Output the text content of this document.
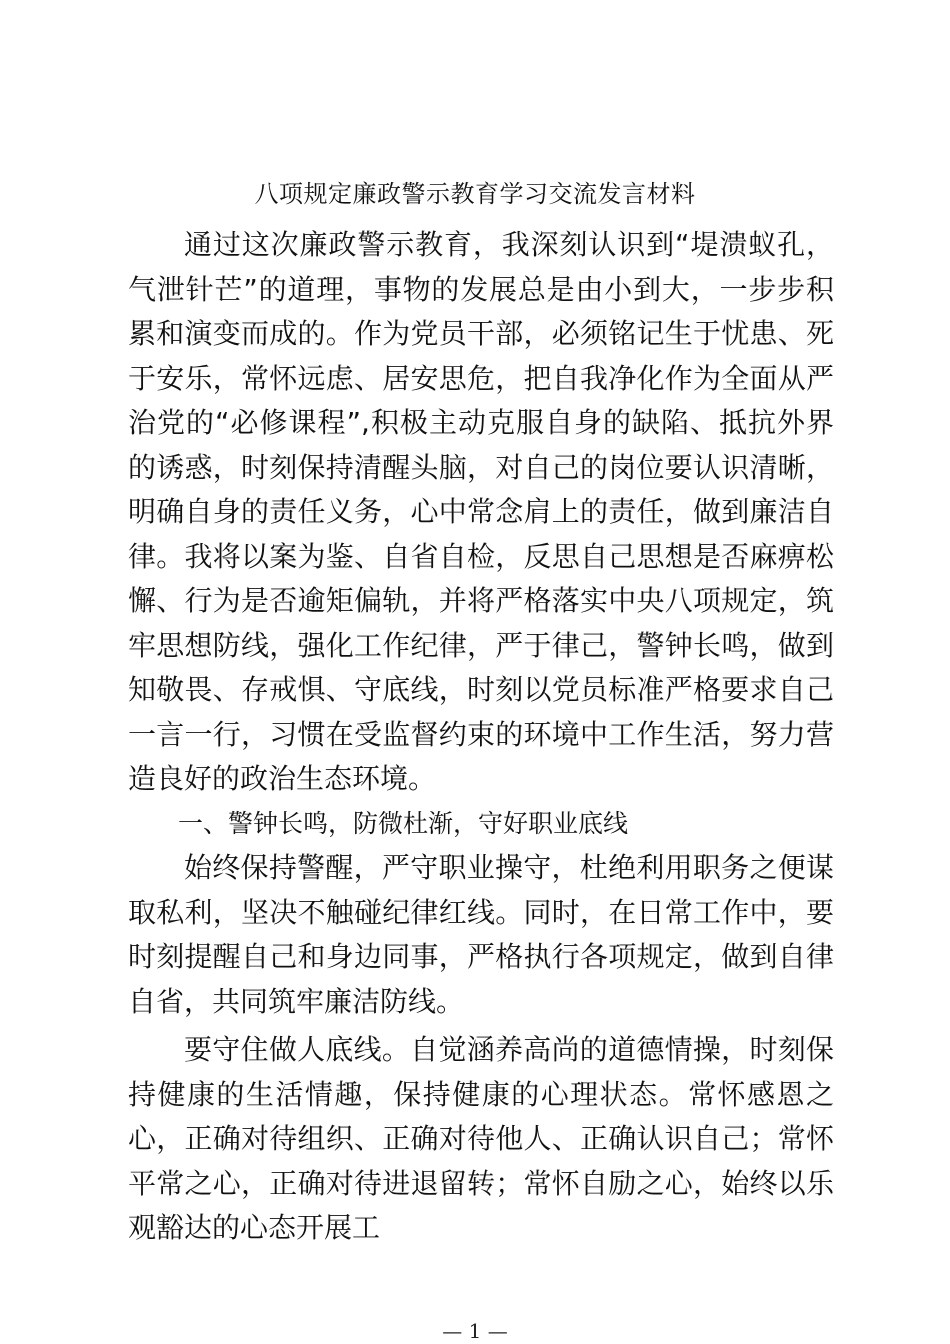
八项规定廉政警示教育学习交流发言材料

通过这次廉政警示教育，我深刻认识到“堤溃蚁孔，气泄针芒”的道理，事物的发展总是由小到大，一步步积累和演变而成的。作为党员干部，必须铭记生于忧患、死于安乐，常怀远虑、居安思危，把自我净化作为全面从严治党的“必修课程”,积极主动克服自身的缺陷、抵抗外界的诱惑，时刻保持清醒头脑，对自己的岗位要认识清晰，明确自身的责任义务，心中常念肩上的责任，做到廉洁自律。我将以案为鉴、自省自检，反思自己思想是否麻痹松懈、行为是否逾矩偏轨，并将严格落实中央八项规定，筑牢思想防线，强化工作纪律，严于律己，警钟长鸣，做到知敬畏、存戒惧、守底线，时刻以党员标准严格要求自己一言一行，习惯在受监督约束的环境中工作生活，努力营造良好的政治生态环境。

一、警钟长鸣，防微杜渐，守好职业底线

始终保持警醒，严守职业操守，杜绝利用职务之便谋取私利，坚决不触碰纪律红线。同时，在日常工作中，要时刻提醒自己和身边同事，严格执行各项规定，做到自律自省，共同筑牢廉洁防线。

要守住做人底线。自觉涵养高尚的道德情操，时刻保持健康的生活情趣，保持健康的心理状态。常怀感恩之心，正确对待组织、正确对待他人、正确认识自己；常怀平常之心，正确对待进退留转；常怀自励之心，始终以乐观豁达的心态开展工

— 1 —
